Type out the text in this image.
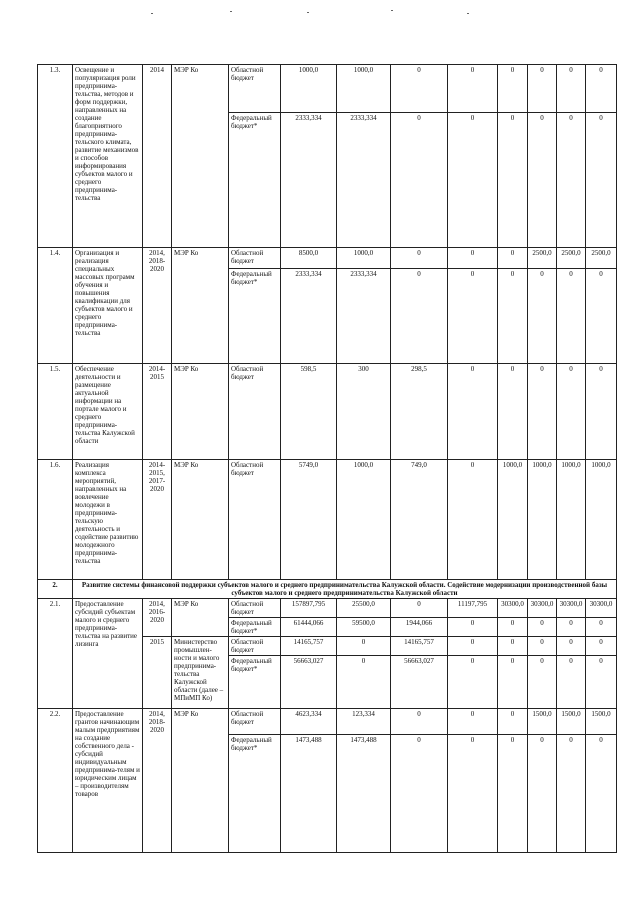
1.3.	Освещение и популяризация роли предпринима-тельства, методов и форм поддержки, направленных на создание благоприятного предпринима-тельского климата, развитие механизмов и способов информирования субъектов малого и среднего предпринима-тельства	2014	МЭР Ко	Областной бюджет	1000,0	1000,0	0	0	0	0	0	0
				Федеральный бюджет*	2333,334	2333,334	0	0	0	0	0	0
1.4.	Организация и реализация специальных массовых программ обучения и повышения квалификации для субъектов малого и среднего предпринима-тельства	2014, 2018-2020	МЭР Ко	Областной бюджет	8500,0	1000,0	0	0	0	2500,0	2500,0	2500,0
				Федеральный бюджет*	2333,334	2333,334	0	0	0	0	0	0
1.5.	Обеспечение деятельности и размещение актуальной информации на портале малого и среднего предпринима-тельства Калужской области	2014-2015	МЭР Ко	Областной бюджет	598,5	300	298,5	0	0	0	0	0
1.6.	Реализация комплекса мероприятий, направленных на вовлечение молодежи в предпринима-тельскую деятельность и содействие развитию молодежного предпринима-тельства	2014-2015, 2017-2020	МЭР Ко	Областной бюджет	5749,0	1000,0	749,0	0	1000,0	1000,0	1000,0	1000,0
2.	Развитие системы финансовой поддержки субъектов малого и среднего предпринимательства Калужской области. Содействие модернизации производственной базы субъектов малого и среднего предпринимательства Калужской области											
2.1.	Предоставление субсидий субъектам малого и среднего предпринима-тельства на развитие лизинга	2014, 2016-2020	МЭР Ко	Областной бюджет	157897,795	25500,0	0	11197,795	30300,0	30300,0	30300,0	30300,0
				Федеральный бюджет*	61444,066	59500,0	1944,066	0	0	0	0	0
		2015	Министерство промышлен-ности и малого предпринима-тельства Калужской области (далее – МПиМП Ко)	Областной бюджет	14165,757	0	14165,757	0	0	0	0	0
				Федеральный бюджет*	56663,027	0	56663,027	0	0	0	0	0
2.2.	Предоставление грантов начинающим малым предприятиям на создание собственного дела - субсидий индивидуальным предпринима-телям и юридическим лицам – производителям товаров	2014, 2018-2020	МЭР Ко	Областной бюджет	4623,334	123,334	0	0	0	1500,0	1500,0	1500,0
				Федеральный бюджет*	1473,488	1473,488	0	0	0	0	0	0
